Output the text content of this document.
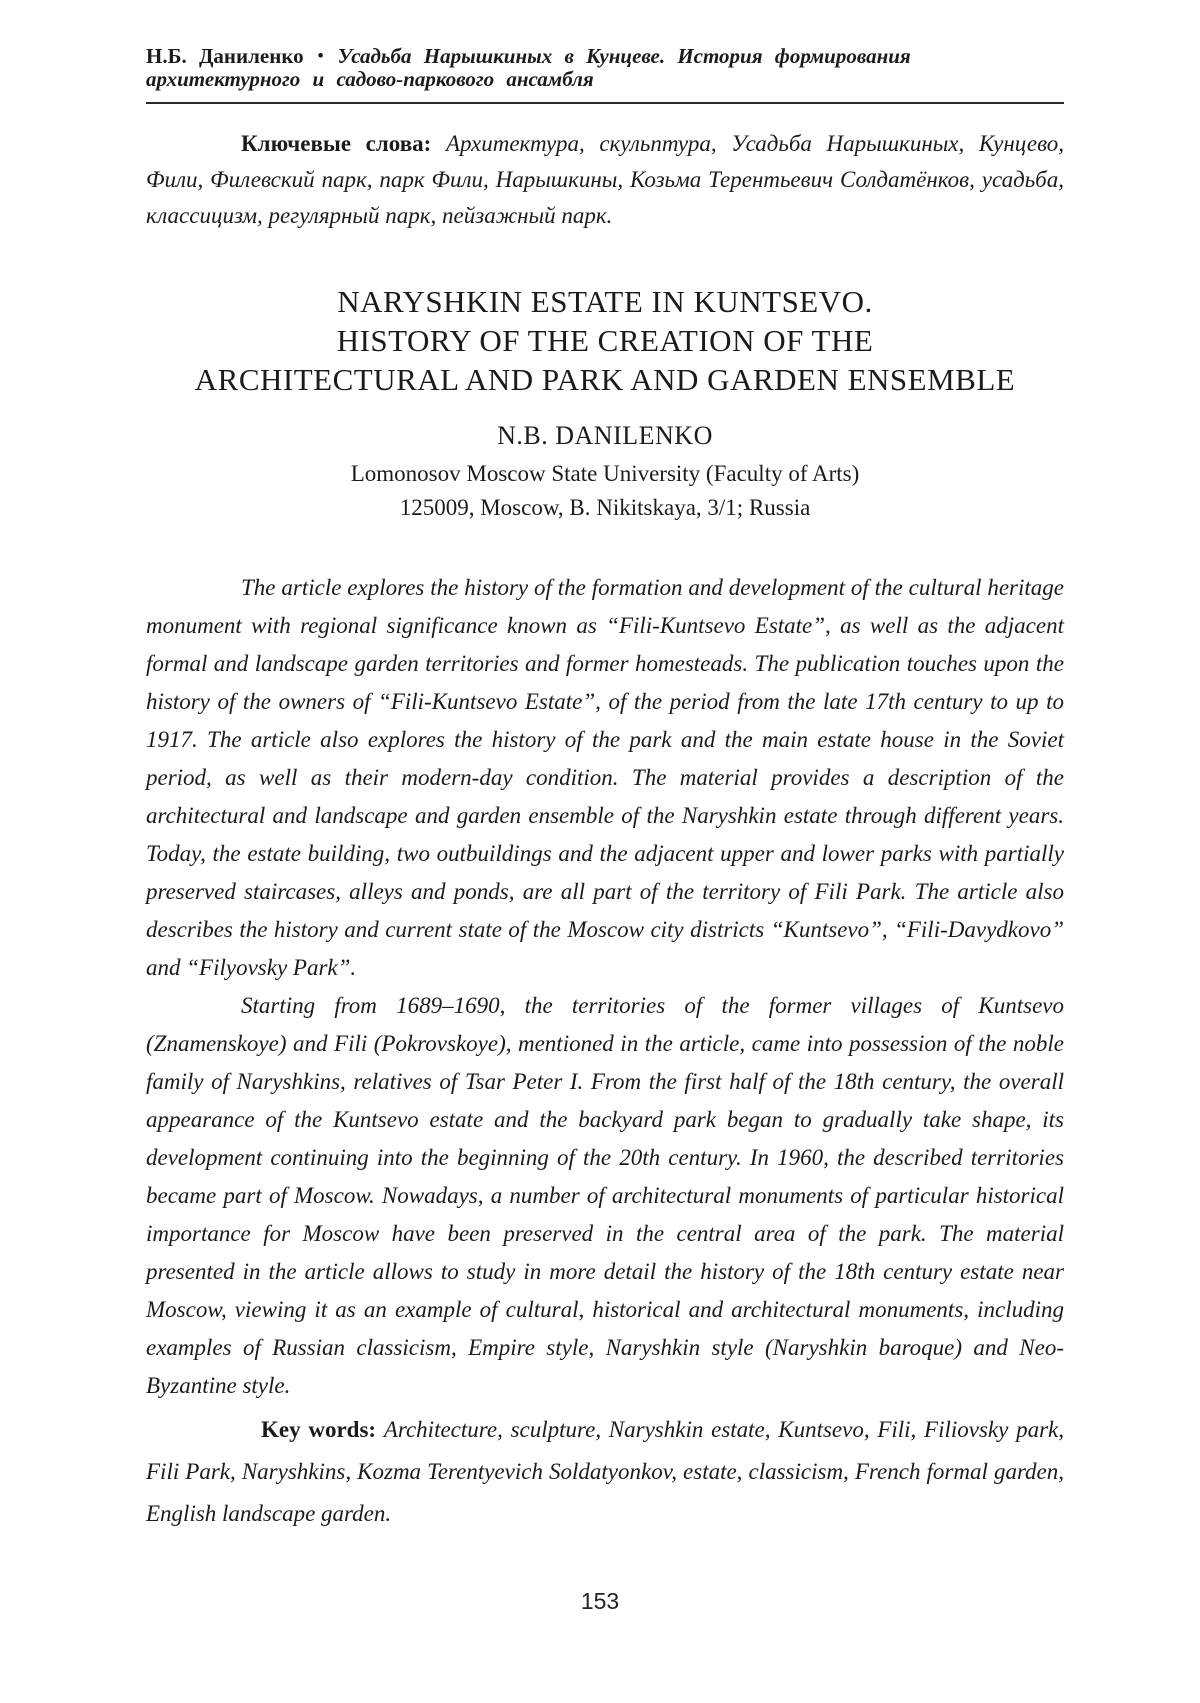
Н.Б. Даниленко • Усадьба Нарышкиных в Кунцеве. История формирования
архитектурного и садово-паркового ансамбля

Ключевые слова: Архитектура, скульптура, Усадьба Нарышкиных, Кунцево, Фили, Филевский парк, парк Фили, Нарышкины, Козьма Терентьевич Солдатёнков, усадьба, классицизм, регулярный парк, пейзажный парк.

NARYSHKIN ESTATE IN KUNTSEVO.
HISTORY OF THE CREATION OF THE
ARCHITECTURAL AND PARK AND GARDEN ENSEMBLE

N.B. DANILENKO

Lomonosov Moscow State University (Faculty of Arts)

125009, Moscow, B. Nikitskaya, 3/1; Russia

The article explores the history of the formation and development of the cultural heritage monument with regional significance known as “Fili-Kuntsevo Estate”, as well as the adjacent formal and landscape garden territories and former homesteads. The publication touches upon the history of the owners of “Fili-Kuntsevo Estate”, of the period from the late 17th century to up to 1917. The article also explores the history of the park and the main estate house in the Soviet period, as well as their modern-day condition. The material provides a description of the architectural and landscape and garden ensemble of the Naryshkin estate through different years. Today, the estate building, two outbuildings and the adjacent upper and lower parks with partially preserved staircases, alleys and ponds, are all part of the territory of Fili Park. The article also describes the history and current state of the Moscow city districts “Kuntsevo”, “Fili-Davydkovo” and “Filyovsky Park”.

Starting from 1689–1690, the territories of the former villages of Kuntsevo (Znamenskoye) and Fili (Pokrovskoye), mentioned in the article, came into possession of the noble family of Naryshkins, relatives of Tsar Peter I. From the first half of the 18th century, the overall appearance of the Kuntsevo estate and the backyard park began to gradually take shape, its development continuing into the beginning of the 20th century. In 1960, the described territories became part of Moscow. Nowadays, a number of architectural monuments of particular historical importance for Moscow have been preserved in the central area of the park. The material presented in the article allows to study in more detail the history of the 18th century estate near Moscow, viewing it as an example of cultural, historical and architectural monuments, including examples of Russian classicism, Empire style, Naryshkin style (Naryshkin baroque) and Neo-Byzantine style.

Key words: Architecture, sculpture, Naryshkin estate, Kuntsevo, Fili, Filiovsky park, Fili Park, Naryshkins, Kozma Terentyevich Soldatyonkov, estate, classicism, French formal garden, English landscape garden.

153
